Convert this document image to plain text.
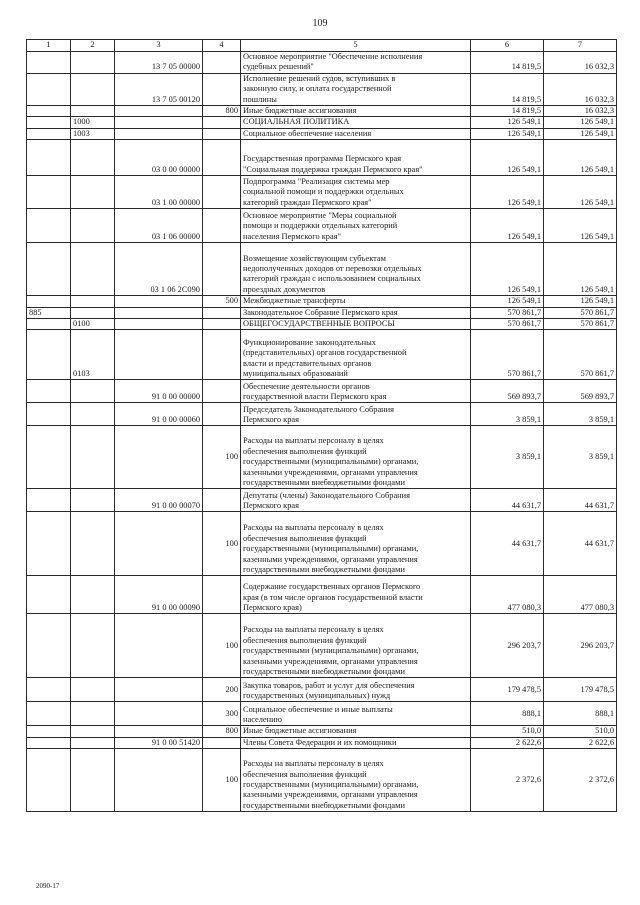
109
1	2	3	4	5	6	7
		13 7 05 00000		Основное мероприятие "Обеспечение исполнения
судебных решений"	14 819,5	16 032,3
		13 7 05 00120		Исполнение решений судов, вступивших в
законную силу, и оплата государственной
пошлины	14 819,5	16 032,3
			800	Иные бюджетные ассигнования	14 819,5	16 032,3
	1000			СОЦИАЛЬНАЯ ПОЛИТИКА	126 549,1	126 549,1
	1003			Социальное обеспечение населения	126 549,1	126 549,1
		03 0 00 00000		Государственная программа Пермского края
"Социальная поддержка граждан Пермского края"	126 549,1	126 549,1
		03 1 00 00000		Подпрограмма "Реализация системы мер
социальной помощи и поддержки отдельных
категорий граждан Пермского края"	126 549,1	126 549,1
		03 1 06 00000		Основное мероприятие "Меры социальной
помощи и поддержки отдельных категорий
населения Пермского края"	126 549,1	126 549,1
		03 1 06 2С090		Возмещение хозяйствующим субъектам
недополученных доходов от перевозки отдельных
категорий граждан с использованием социальных
проездных документов	126 549,1	126 549,1
			500	Межбюджетные трансферты	126 549,1	126 549,1
885				Законодательное Собрание Пермского края	570 861,7	570 861,7
	0100			ОБЩЕГОСУДАРСТВЕННЫЕ ВОПРОСЫ	570 861,7	570 861,7
	0103			Функционирование законодательных
(представительных) органов государственной
власти и представительных органов
муниципальных образований	570 861,7	570 861,7
		91 0 00 00000		Обеспечение деятельности органов
государственной власти Пермского края	569 893,7	569 893,7
		91 0 00 00060		Председатель Законодательного Собрания
Пермского края	3 859,1	3 859,1
			100	Расходы на выплаты персоналу в целях
обеспечения выполнения функций
государственными (муниципальными) органами,
казенными учреждениями, органами управления
государственными внебюджетными фондами	3 859,1	3 859,1
		91 0 00 00070		Депутаты (члены) Законодательного Собрания
Пермского края	44 631,7	44 631,7
			100	Расходы на выплаты персоналу в целях
обеспечения выполнения функций
государственными (муниципальными) органами,
казенными учреждениями, органами управления
государственными внебюджетными фондами	44 631,7	44 631,7
		91 0 00 00090		Содержание государственных органов Пермского
края (в том числе органов государственной власти
Пермского края)	477 080,3	477 080,3
			100	Расходы на выплаты персоналу в целях
обеспечения выполнения функций
государственными (муниципальными) органами,
казенными учреждениями, органами управления
государственными внебюджетными фондами	296 203,7	296 203,7
			200	Закупка товаров, работ и услуг для обеспечения
государственных (муниципальных) нужд	179 478,5	179 478,5
			300	Социальное обеспечение и иные выплаты
населению	888,1	888,1
			800	Иные бюджетные ассигнования	510,0	510,0
		91 0 00 51420		Члены Совета Федерации и их помощники	2 622,6	2 622,6
			100	Расходы на выплаты персоналу в целях
обеспечения выполнения функций
государственными (муниципальными) органами,
казенными учреждениями, органами управления
государственными внебюджетными фондами	2 372,6	2 372,6
2090-17
